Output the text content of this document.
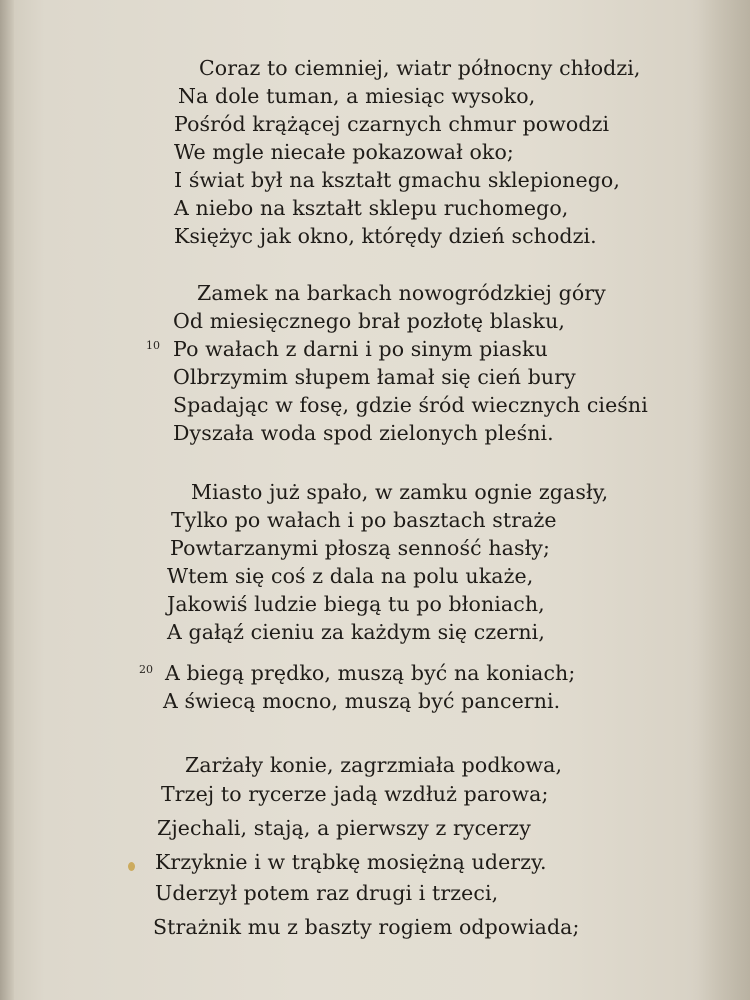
Coraz to ciemniej, wiatr północny chłodzi,
Na dole tuman, a miesiąc wysoko,
Pośród krążącej czarnych chmur powodzi
We mgle niecałe pokazował oko;
I świat był na kształt gmachu sklepionego,
A niebo na kształt sklepu ruchomego,
Księżyc jak okno, którędy dzień schodzi.
Zamek na barkach nowogródzkiej góry
Od miesięcznego brał pozłotę blasku,
10 Po wałach z darni i po sinym piasku
Olbrzymim słupem łamał się cień bury
Spadając w fosę, gdzie śród wiecznych cieśni
Dyszała woda spod zielonych pleśni.
Miasto już spało, w zamku ognie zgasły,
Tylko po wałach i po basztach straże
Powtarzanymi płoszą senność hasły;
Wtem się coś z dala na polu ukaże,
Jakowiś ludzie biegą tu po błoniach,
A gałąź cieniu za każdym się czerni,
20 A biegą prędko, muszą być na koniach;
A świecą mocno, muszą być pancerni.
Zarżały konie, zagrzmiała podkowa,
Trzej to rycerze jadą wzdłuż parowa;
Zjechali, stają, a pierwszy z rycerzy
Krzyknie i w trąbkę mosiężną uderzy.
Uderzył potem raz drugi i trzeci,
Strażnik mu z baszty rogiem odpowiada;
